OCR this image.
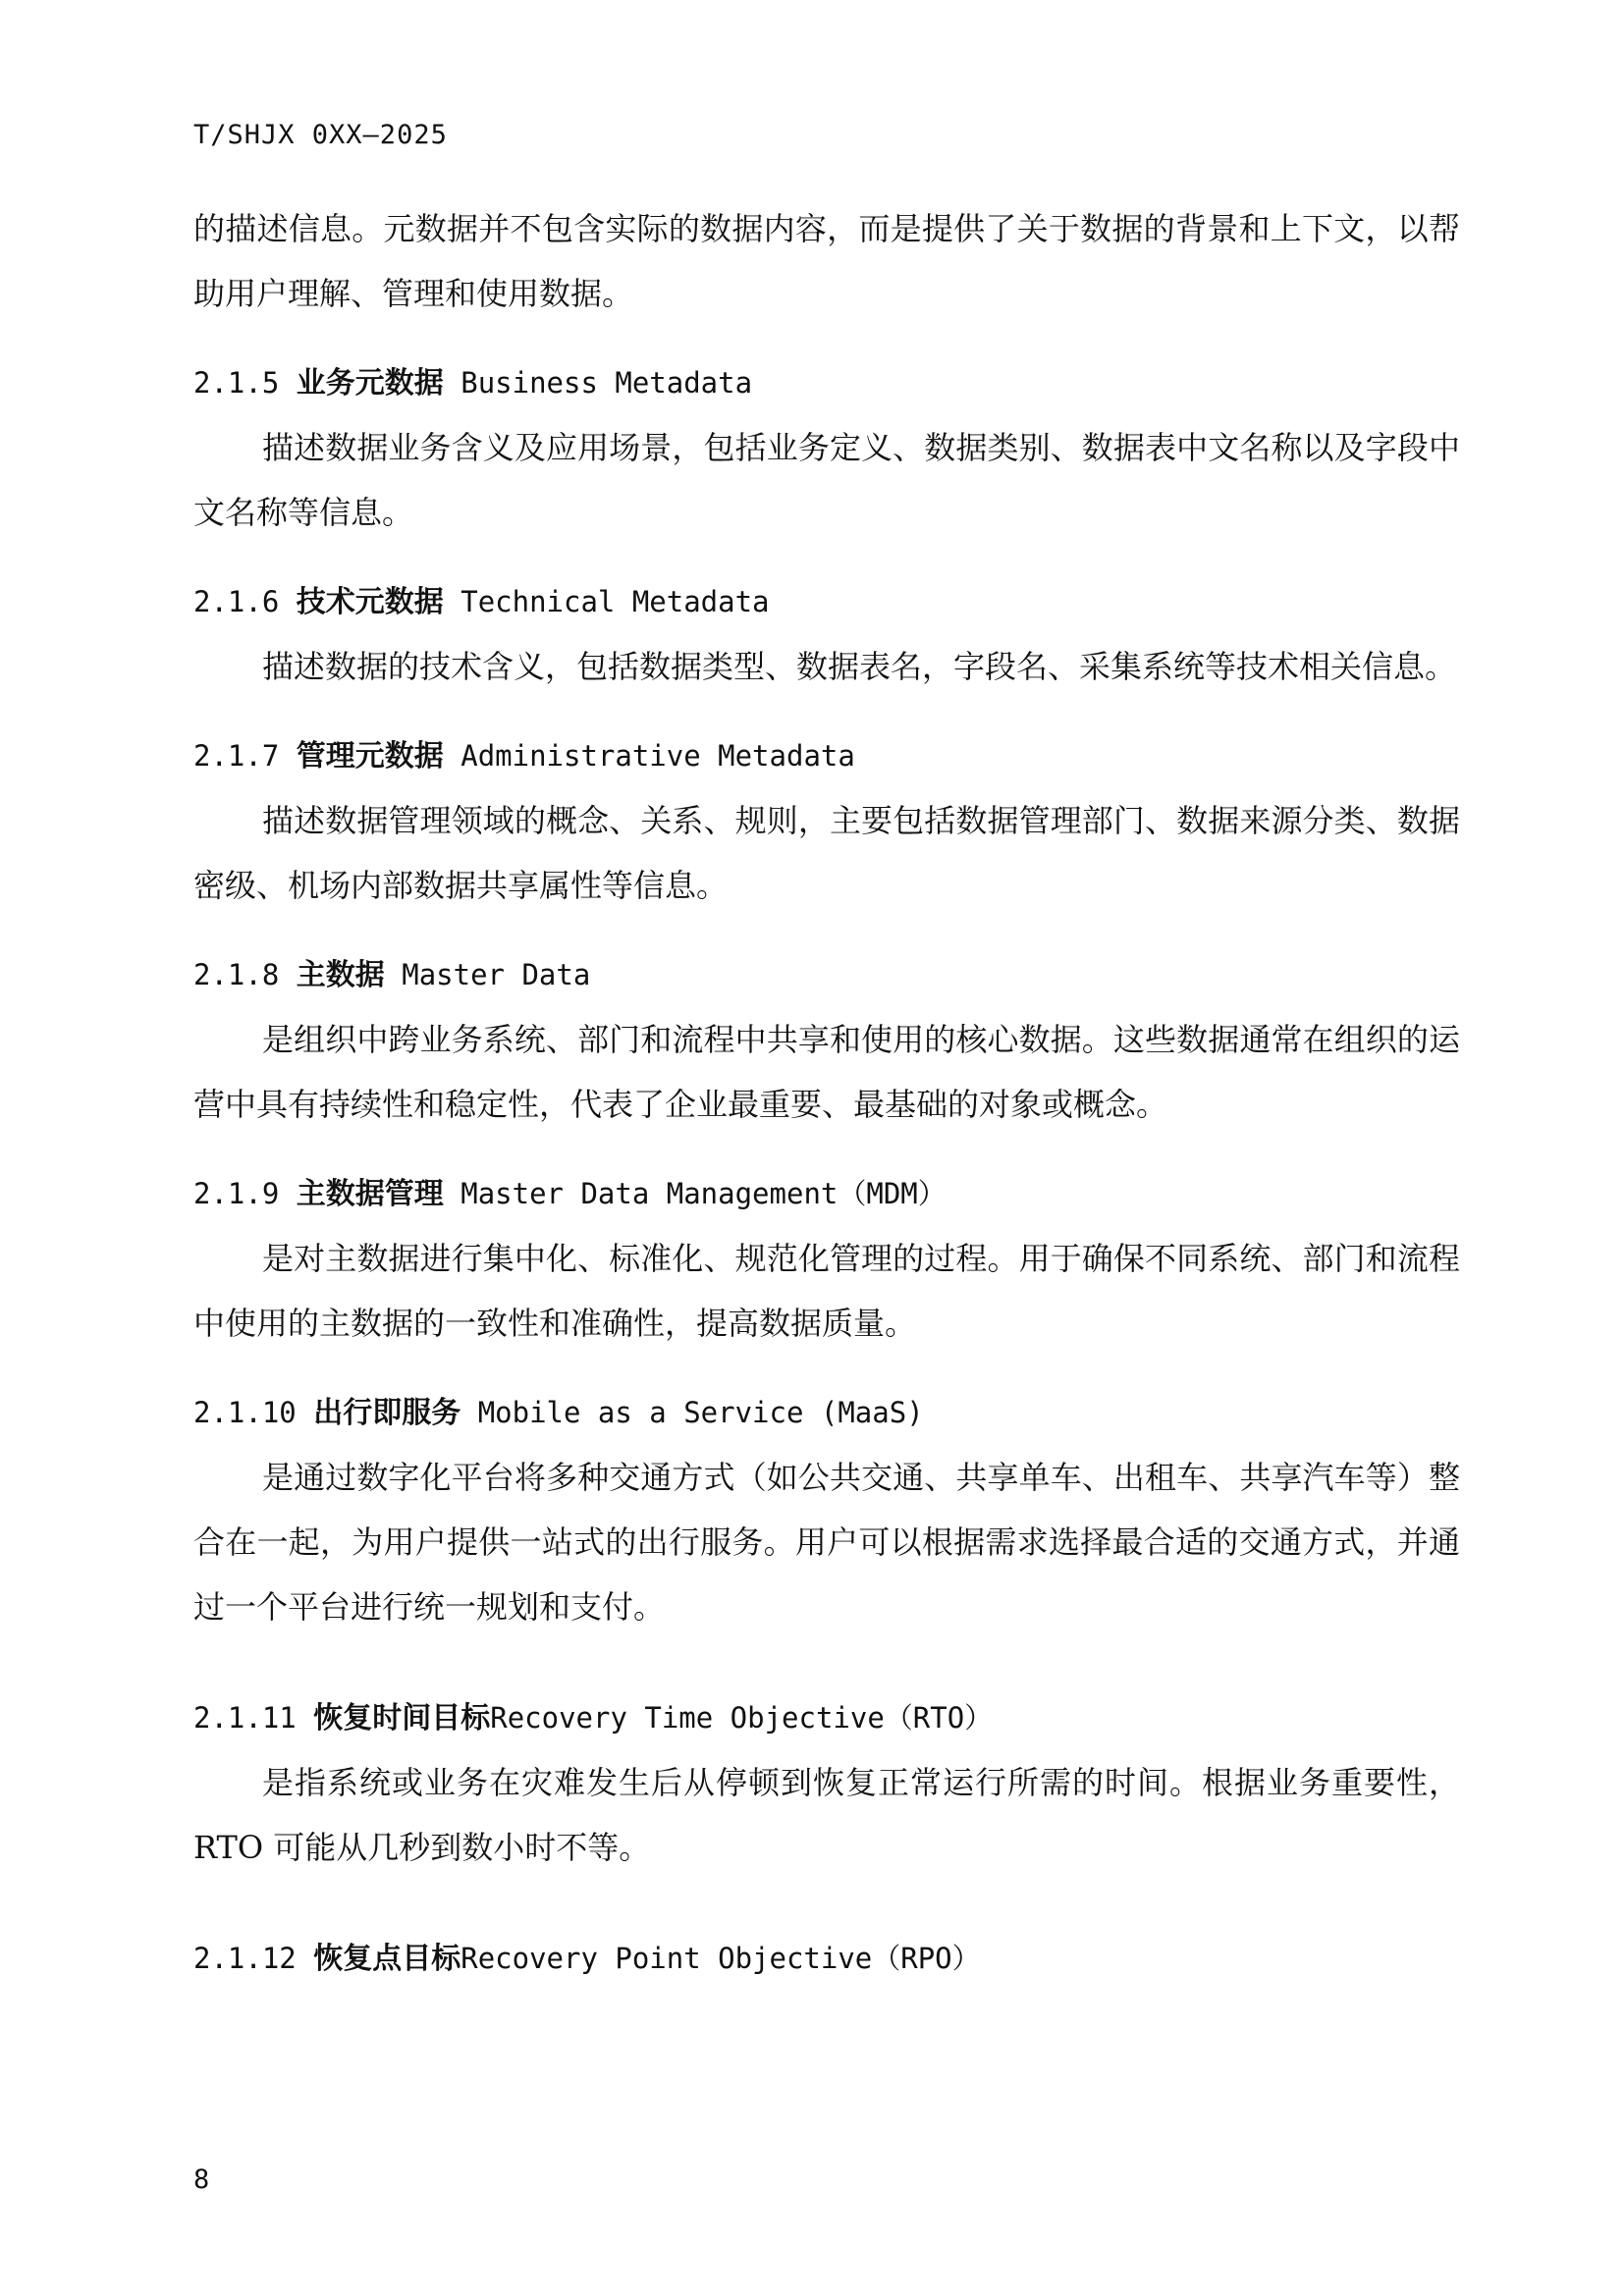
T/SHJX 0XX—2025

的描述信息。元数据并不包含实际的数据内容，而是提供了关于数据的背景和上下文，以帮助用户理解、管理和使用数据。

2.1.5 业务元数据 Business Metadata

描述数据业务含义及应用场景，包括业务定义、数据类别、数据表中文名称以及字段中文名称等信息。

2.1.6 技术元数据 Technical Metadata

描述数据的技术含义，包括数据类型、数据表名，字段名、采集系统等技术相关信息。

2.1.7 管理元数据 Administrative Metadata

描述数据管理领域的概念、关系、规则，主要包括数据管理部门、数据来源分类、数据密级、机场内部数据共享属性等信息。

2.1.8 主数据 Master Data

是组织中跨业务系统、部门和流程中共享和使用的核心数据。这些数据通常在组织的运营中具有持续性和稳定性，代表了企业最重要、最基础的对象或概念。

2.1.9 主数据管理 Master Data Management（MDM）

是对主数据进行集中化、标准化、规范化管理的过程。用于确保不同系统、部门和流程中使用的主数据的一致性和准确性，提高数据质量。

2.1.10 出行即服务 Mobile as a Service (MaaS)

是通过数字化平台将多种交通方式（如公共交通、共享单车、出租车、共享汽车等）整合在一起，为用户提供一站式的出行服务。用户可以根据需求选择最合适的交通方式，并通过一个平台进行统一规划和支付。

2.1.11 恢复时间目标Recovery Time Objective（RTO）

是指系统或业务在灾难发生后从停顿到恢复正常运行所需的时间。根据业务重要性，RTO 可能从几秒到数小时不等。

2.1.12 恢复点目标Recovery Point Objective（RPO）
8
